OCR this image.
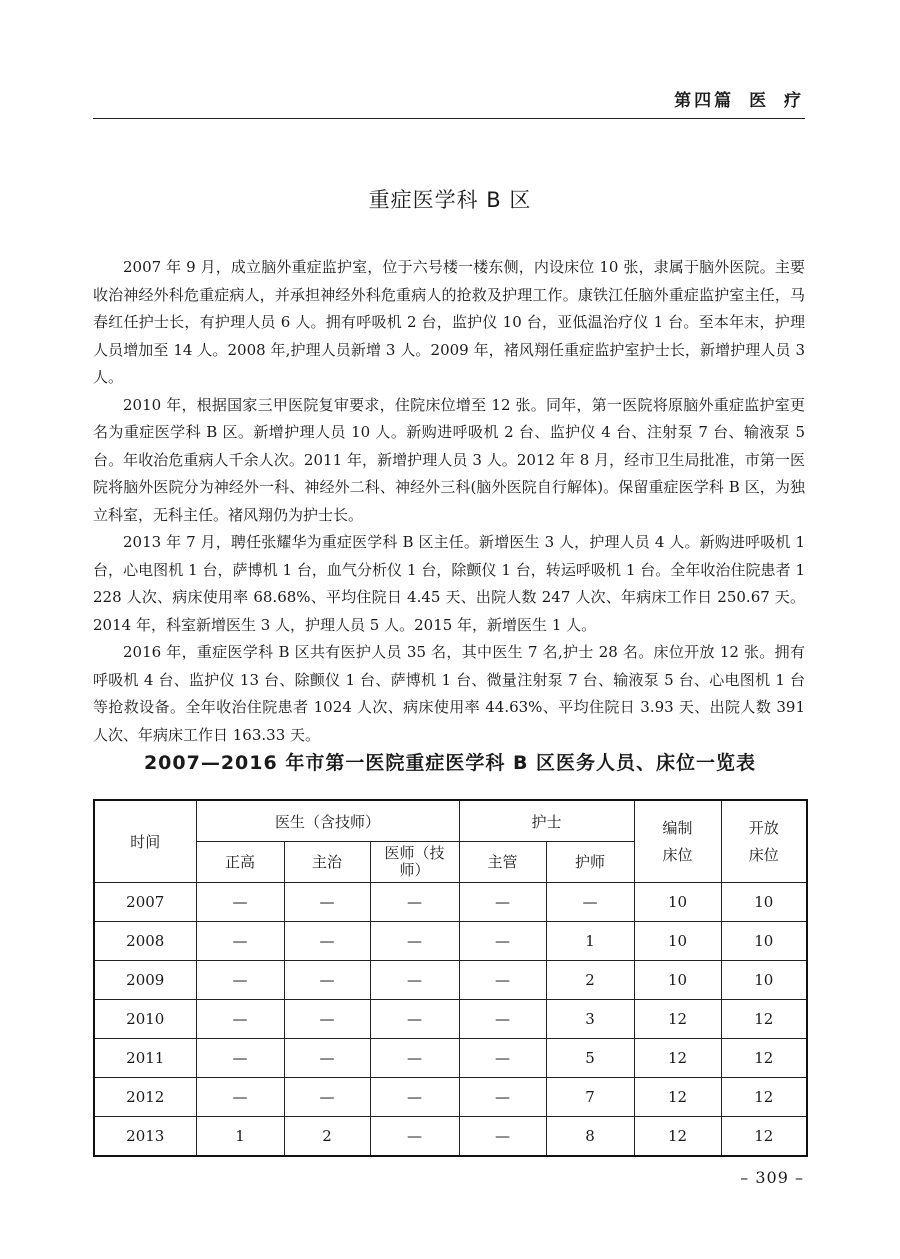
第四篇 医 疗
重症医学科 B 区

2007 年 9 月，成立脑外重症监护室，位于六号楼一楼东侧，内设床位 10 张，隶属于脑外医院。主要收治神经外科危重症病人，并承担神经外科危重病人的抢救及护理工作。康铁江任脑外重症监护室主任，马春红任护士长，有护理人员 6 人。拥有呼吸机 2 台，监护仪 10 台，亚低温治疗仪 1 台。至本年末，护理人员增加至 14 人。2008 年,护理人员新增 3 人。2009 年，褚风翔任重症监护室护士长，新增护理人员 3 人。

2010 年，根据国家三甲医院复审要求，住院床位增至 12 张。同年，第一医院将原脑外重症监护室更名为重症医学科 B 区。新增护理人员 10 人。新购进呼吸机 2 台、监护仪 4 台、注射泵 7 台、输液泵 5 台。年收治危重病人千余人次。2011 年，新增护理人员 3 人。2012 年 8 月，经市卫生局批准，市第一医院将脑外医院分为神经外一科、神经外二科、神经外三科(脑外医院自行解体)。保留重症医学科 B 区，为独立科室，无科主任。褚风翔仍为护士长。

2013 年 7 月，聘任张耀华为重症医学科 B 区主任。新增医生 3 人，护理人员 4 人。新购进呼吸机 1 台，心电图机 1 台，萨博机 1 台，血气分析仪 1 台，除颤仪 1 台，转运呼吸机 1 台。全年收治住院患者 1228 人次、病床使用率 68.68%、平均住院日 4.45 天、出院人数 247 人次、年病床工作日 250.67 天。2014 年，科室新增医生 3 人，护理人员 5 人。2015 年，新增医生 1 人。

2016 年，重症医学科 B 区共有医护人员 35 名，其中医生 7 名,护士 28 名。床位开放 12 张。拥有呼吸机 4 台、监护仪 13 台、除颤仪 1 台、萨博机 1 台、微量注射泵 7 台、输液泵 5 台、心电图机 1 台等抢救设备。全年收治住院患者 1024 人次、病床使用率 44.63%、平均住院日 3.93 天、出院人数 391 人次、年病床工作日 163.33 天。

2007—2016 年市第一医院重症医学科 B 区医务人员、床位一览表
时间	医生（含技师）			护士		编制床位	开放床位

	正高	主治	医师（技师）	主管	护师		
2007	—	—	—	—	—	10	10
2008	—	—	—	—	1	10	10
2009	—	—	—	—	2	10	10
2010	—	—	—	—	3	12	12
2011	—	—	—	—	5	12	12
2012	—	—	—	—	7	12	12
2013	1	2	—	—	8	12	12
– 309 –
